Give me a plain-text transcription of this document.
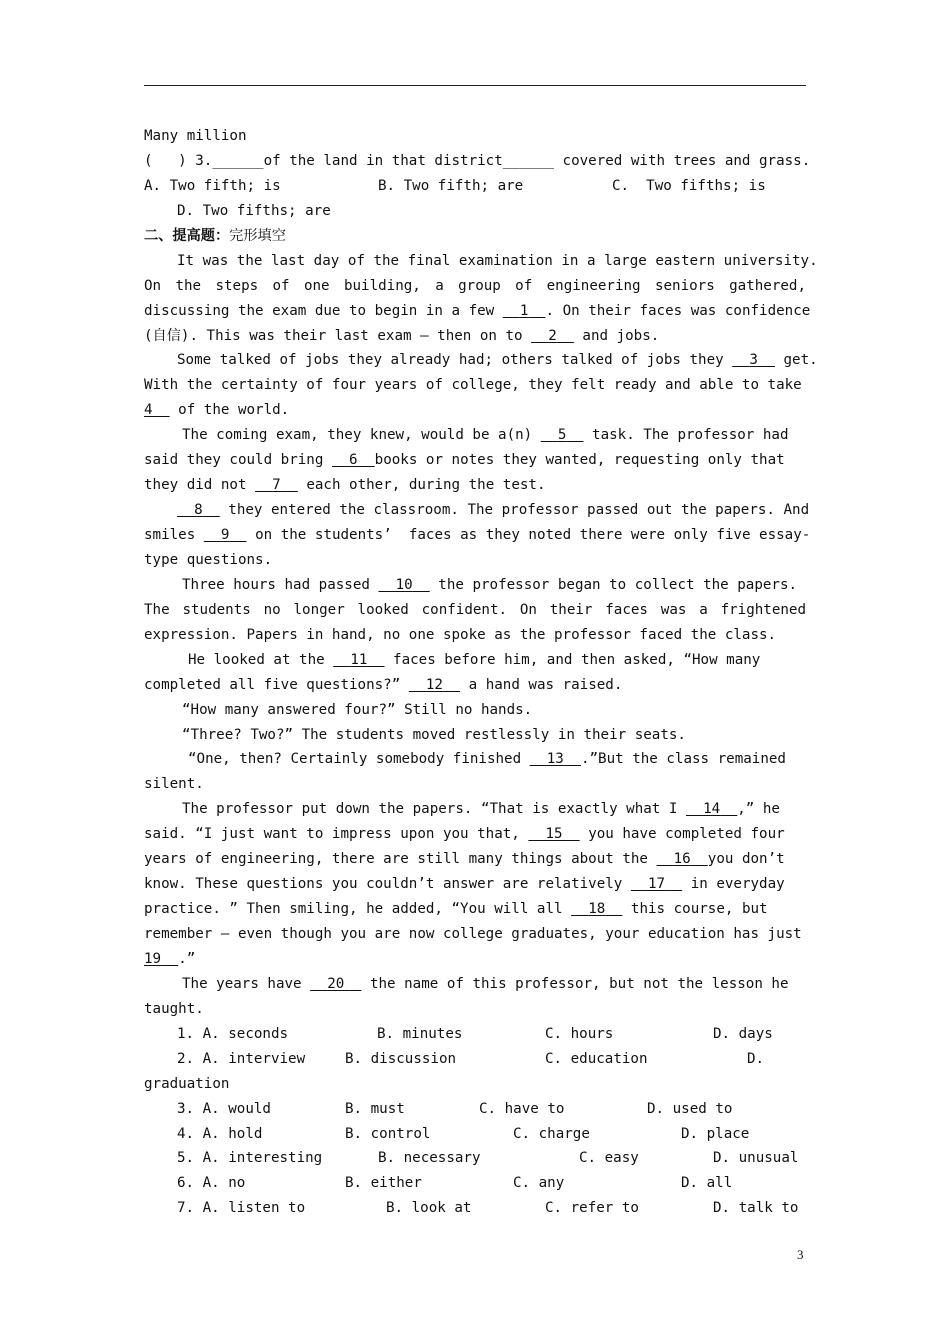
Many million
(   ) 3.______of the land in that district______ covered with trees and grass.
A. Two fifth; is	B. Two fifth; are	C.  Two fifths; is
D. Two fifths; are
二、提高题：完形填空
It was the last day of the final examination in a large eastern university.
On the steps of one building, a group of engineering seniors gathered,
discussing the exam due to begin in a few   1 . On their faces was confidence
(自信). This was their last exam — then on to   2   and jobs.
Some talked of jobs they already had; others talked of jobs they   3   get.
With the certainty of four years of college, they felt ready and able to take
4   of the world.
The coming exam, they knew, would be a(n)   5   task. The professor had
said they could bring   6 books or notes they wanted, requesting only that
they did not   7   each other, during the test.
8   they entered the classroom. The professor passed out the papers. And
smiles   9   on the students’  faces as they noted there were only five essay-
type questions.
Three hours had passed   10   the professor began to collect the papers.
The students no longer looked confident. On their faces was a frightened
expression. Papers in hand, no one spoke as the professor faced the class.
He looked at the   11   faces before him, and then asked, “How many
completed all five questions?”   12   a hand was raised.
“How many answered four?” Still no hands.
“Three? Two?” The students moved restlessly in their seats.
“One, then? Certainly somebody finished   13 .”But the class remained
silent.
The professor put down the papers. “That is exactly what I   14 ,” he
said. “I just want to impress upon you that,   15   you have completed four
years of engineering, there are still many things about the   16 you don’t
know. These questions you couldn’t answer are relatively   17   in everyday
practice. ” Then smiling, he added, “You will all   18   this course, but
remember — even though you are now college graduates, your education has just
19 .”
The years have   20   the name of this professor, but not the lesson he
taught.
1. A. seconds	B. minutes	C. hours	D. days
2. A. interview	B. discussion	C. education	D.
graduation
3. A. would	B. must	C. have to	D. used to
4. A. hold	B. control	C. charge	D. place
5. A. interesting	B. necessary	C. easy	D. unusual
6. A. no	B. either	C. any	D. all
7. A. listen to	B. look at	C. refer to	D. talk to
3
